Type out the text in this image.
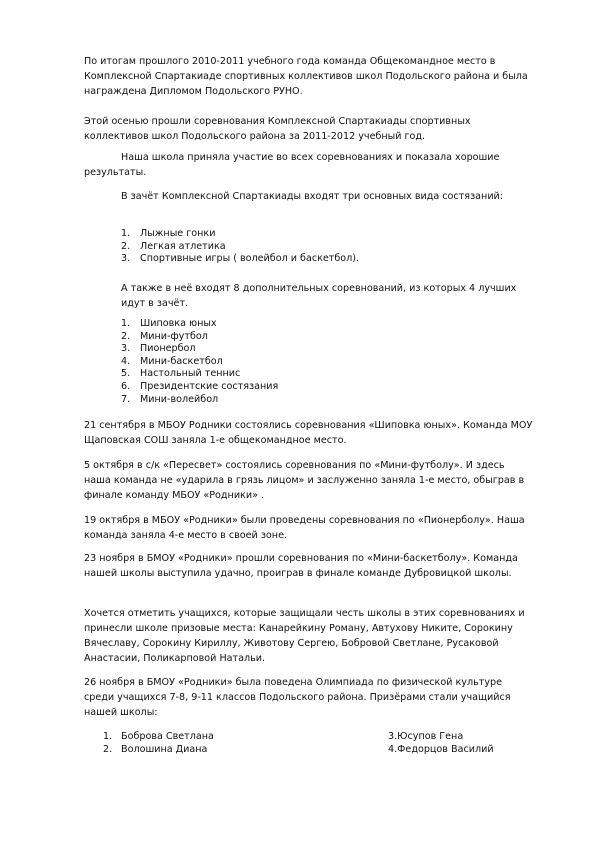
По итогам прошлого 2010-2011 учебного года команда Общекомандное место в Комплексной Спартакиаде спортивных коллективов школ Подольского района и была награждена Дипломом Подольского РУНО.

Этой осенью прошли соревнования Комплексной Спартакиады спортивных коллективов школ Подольского района за 2011-2012 учебный год.

Наша школа приняла участие во всех соревнованиях и показала хорошие результаты.

В зачёт Комплексной Спартакиады входят три основных вида состязаний:

1. Лыжные гонки
2. Легкая атлетика
3. Спортивные игры ( волейбол и баскетбол).

А также в неё входят 8 дополнительных соревнований, из которых 4 лучших идут в зачёт.

1. Шиповка юных
2. Мини-футбол
3. Пионербол
4. Мини-баскетбол
5. Настольный теннис
6. Президентские состязания
7. Мини-волейбол

21 сентября в МБОУ Родники состоялись соревнования «Шиповка юных». Команда МОУ Щаповская СОШ заняла 1-е общекомандное место.

5 октября в с/к «Пересвет» состоялись соревнования по «Мини-футболу». И здесь наша команда не «ударила в грязь лицом» и заслуженно заняла 1-е место, обыграв в финале команду МБОУ «Родники» .

19 октября в МБОУ «Родники» были проведены соревнования по «Пионерболу». Наша команда заняла 4-е место в своей зоне.

23 ноября в БМОУ «Родники» прошли соревнования по «Мини-баскетболу». Команда нашей школы выступила удачно, проиграв в финале команде Дубровицкой школы.

Хочется отметить учащихся, которые защищали честь школы в этих соревнованиях и принесли школе призовые места: Канарейкину Роману, Автухову Никите, Сорокину Вячеславу, Сорокину Кириллу, Животову Сергею, Бобровой Светлане, Русаковой Анастасии, Поликарповой Натальи.

26 ноября в БМОУ «Родники» была поведена Олимпиада по физической культуре среди учащихся 7-8, 9-11 классов Подольского района. Призёрами стали учащийся нашей школы:

1. Боброва Светлана	3.Юсупов Гена
2. Волошина Диана	4.Федорцов Василий
